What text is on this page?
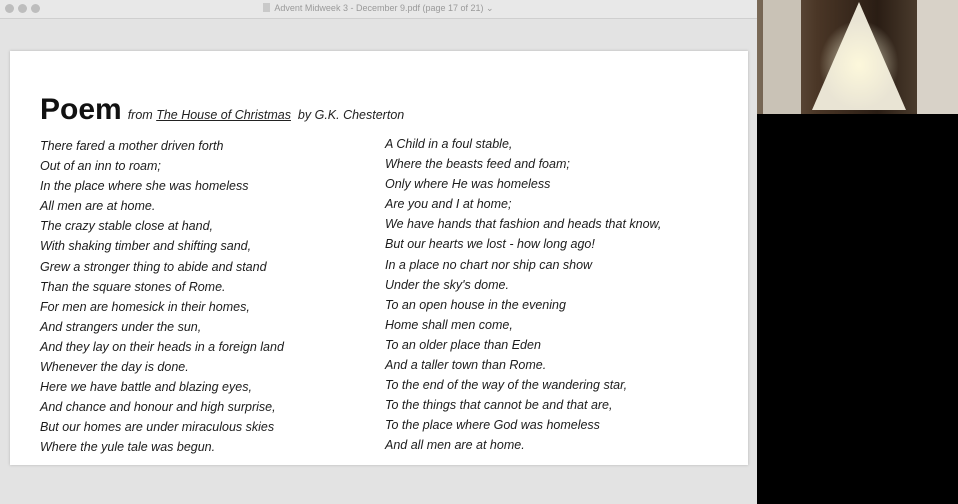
Advent Midweek 3 - December 9.pdf (page 17 of 21) ⌄
Poem from The House of Christmas by G.K. Chesterton
There fared a mother driven forth
Out of an inn to roam;
In the place where she was homeless
All men are at home.
The crazy stable close at hand,
With shaking timber and shifting sand,
Grew a stronger thing to abide and stand
Than the square stones of Rome.
For men are homesick in their homes,
And strangers under the sun,
And they lay on their heads in a foreign land
Whenever the day is done.
Here we have battle and blazing eyes,
And chance and honour and high surprise,
But our homes are under miraculous skies
Where the yule tale was begun.
A Child in a foul stable,
Where the beasts feed and foam;
Only where He was homeless
Are you and I at home;
We have hands that fashion and heads that know,
But our hearts we lost - how long ago!
In a place no chart nor ship can show
Under the sky's dome.
To an open house in the evening
Home shall men come,
To an older place than Eden
And a taller town than Rome.
To the end of the way of the wandering star,
To the things that cannot be and that are,
To the place where God was homeless
And all men are at home.
